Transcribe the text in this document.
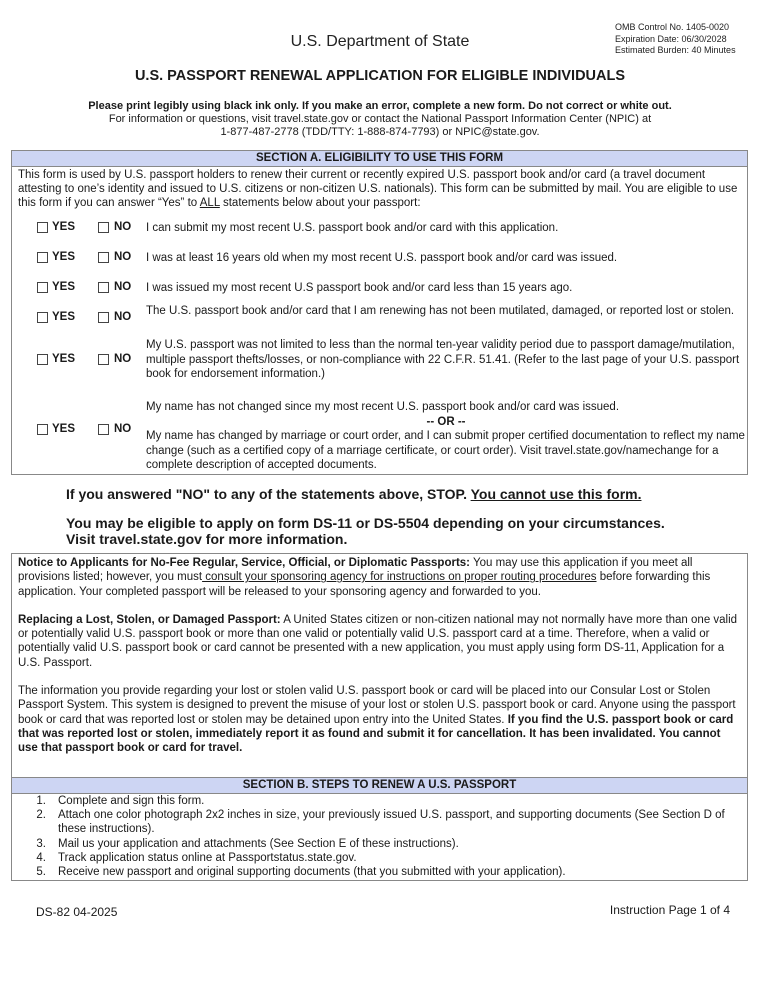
OMB Control No. 1405-0020
Expiration Date: 06/30/2028
Estimated Burden: 40 Minutes
U.S. Department of State
U.S. PASSPORT RENEWAL APPLICATION FOR ELIGIBLE INDIVIDUALS
Please print legibly using black ink only. If you make an error, complete a new form. Do not correct or white out.
For information or questions, visit travel.state.gov or contact the National Passport Information Center (NPIC) at
1-877-487-2778 (TDD/TTY: 1-888-874-7793) or NPIC@state.gov.
SECTION A. ELIGIBILITY TO USE THIS FORM
This form is used by U.S. passport holders to renew their current or recently expired U.S. passport book and/or card (a travel document attesting to one’s identity and issued to U.S. citizens or non-citizen U.S. nationals). This form can be submitted by mail. You are eligible to use this form if you can answer “Yes” to ALL statements below about your passport:
YES	NO I can submit my most recent U.S. passport book and/or card with this application.
YES	NO I was at least 16 years old when my most recent U.S. passport book and/or card was issued.
YES	NO I was issued my most recent U.S passport book and/or card less than 15 years ago.
YES	NO The U.S. passport book and/or card that I am renewing has not been mutilated, damaged, or reported lost or stolen.
YES	NO
My U.S. passport was not limited to less than the normal ten-year validity period due to passport damage/mutilation, multiple passport thefts/losses, or non-compliance with 22 C.F.R. 51.41. (Refer to the last page of your U.S. passport book for endorsement information.)
YES	NO
My name has not changed since my most recent U.S. passport book and/or card was issued.
-- OR --
My name has changed by marriage or court order, and I can submit proper certified documentation to reflect my name change (such as a certified copy of a marriage certificate, or court order). Visit travel.state.gov/namechange for a complete description of accepted documents.
If you answered "NO" to any of the statements above, STOP. You cannot use this form.
You may be eligible to apply on form DS-11 or DS-5504 depending on your circumstances.
Visit travel.state.gov for more information.

Notice to Applicants for No-Fee Regular, Service, Official, or Diplomatic Passports: You may use this application if you meet all provisions listed; however, you must consult your sponsoring agency for instructions on proper routing procedures before forwarding this application. Your completed passport will be released to your sponsoring agency and forwarded to you.

Replacing a Lost, Stolen, or Damaged Passport: A United States citizen or non-citizen national may not normally have more than one valid or potentially valid U.S. passport book or more than one valid or potentially valid U.S. passport card at a time. Therefore, when a valid or potentially valid U.S. passport book or card cannot be presented with a new application, you must apply using form DS-11, Application for a U.S. Passport.

The information you provide regarding your lost or stolen valid U.S. passport book or card will be placed into our Consular Lost or Stolen Passport System. This system is designed to prevent the misuse of your lost or stolen U.S. passport book or card. Anyone using the passport book or card that was reported lost or stolen may be detained upon entry into the United States. If you find the U.S. passport book or card that was reported lost or stolen, immediately report it as found and submit it for cancellation. It has been invalidated. You cannot use that passport book or card for travel.

SECTION B. STEPS TO RENEW A U.S. PASSPORT
1.	Complete and sign this form.
2.	Attach one color photograph 2x2 inches in size, your previously issued U.S. passport, and supporting documents (See Section D of these instructions).
3.	Mail us your application and attachments (See Section E of these instructions).
4.	Track application status online at Passportstatus.state.gov.
5.	Receive new passport and original supporting documents (that you submitted with your application).
DS-82 04-2025	Instruction Page 1 of 4
